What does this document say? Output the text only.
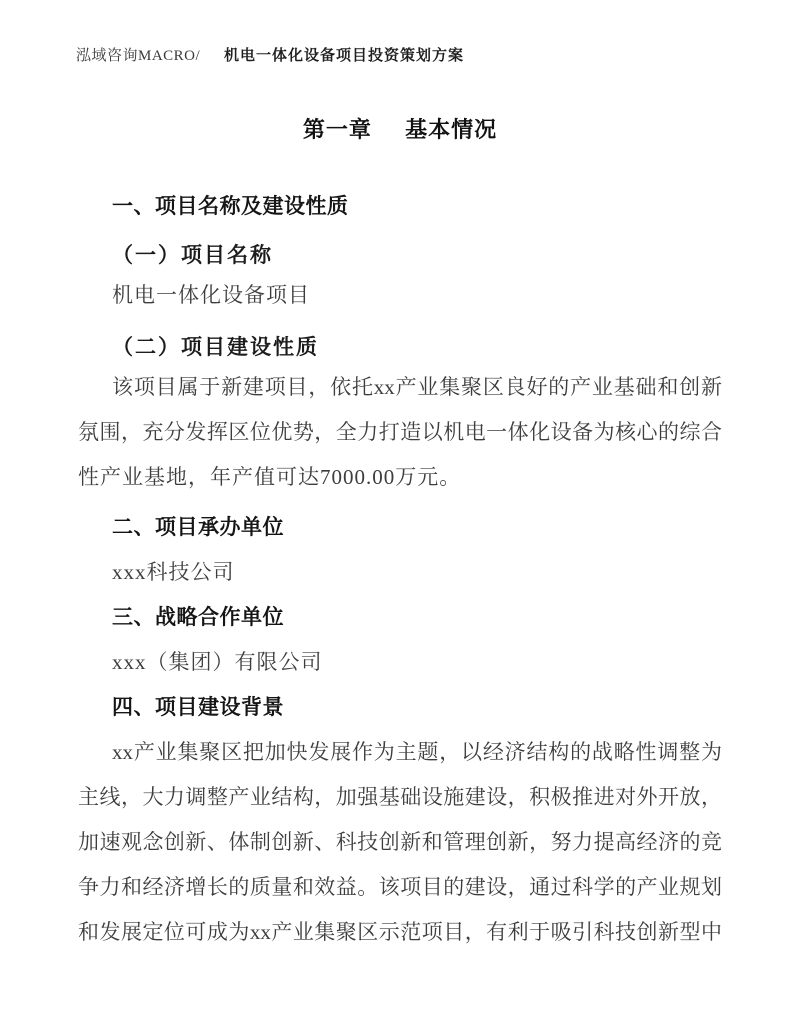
泓域咨询MACRO/ 机电一体化设备项目投资策划方案
第一章 基本情况
一、项目名称及建设性质
（一）项目名称
机电一体化设备项目
（二）项目建设性质
该项目属于新建项目，依托xx产业集聚区良好的产业基础和创新
氛围，充分发挥区位优势，全力打造以机电一体化设备为核心的综合
性产业基地，年产值可达7000.00万元。
二、项目承办单位
xxx科技公司
三、战略合作单位
xxx（集团）有限公司
四、项目建设背景
xx产业集聚区把加快发展作为主题，以经济结构的战略性调整为
主线，大力调整产业结构，加强基础设施建设，积极推进对外开放，
加速观念创新、体制创新、科技创新和管理创新，努力提高经济的竞
争力和经济增长的质量和效益。该项目的建设，通过科学的产业规划
和发展定位可成为xx产业集聚区示范项目，有利于吸引科技创新型中
